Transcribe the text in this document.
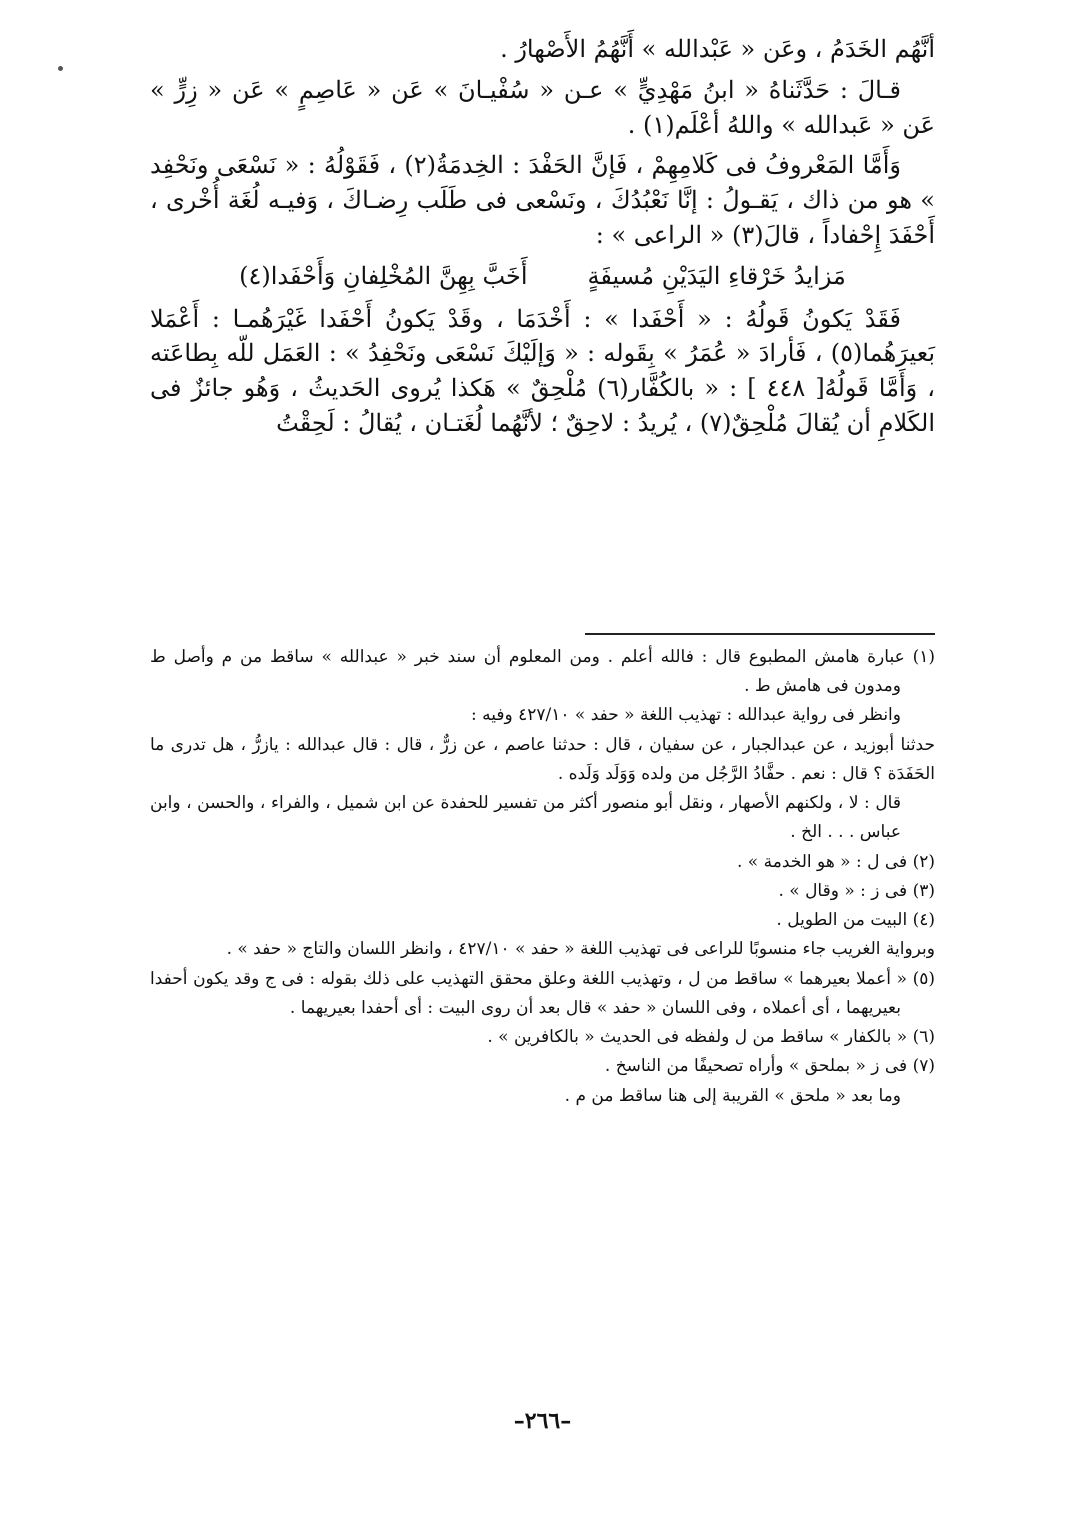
أنَّهُم الخَدَمُ ، وعَن « عَبْدالله » أَنَّهُمُ الأَصْهارُ .

قـالَ : حَدَّثَناهُ « ابنُ مَهْدِيٍّ » عـن « سُفْيـانَ » عَن « عَاصِمٍ » عَن « زِرٍّ » عَن « عَبدالله » واللهُ أعْلَم(١) .

وَأَمَّا المَعْروفُ فى كَلامِهِمْ ، فَإنَّ الحَفْدَ : الخِدمَةُ(٢) ، فَقَوْلُهُ : « نَسْعَى ونَحْفِد » هو من ذاك ، يَقـولُ : إنَّا نَعْبُدُكَ ، ونَسْعى فى طَلَب رِضـاكَ ، وَفيـه لُغَة أُخْرى ، أَحْفَدَ إِحْفاداً ، قالَ(٣) « الراعى » :

مَزايدُ خَرْقاءِ اليَدَيْنِ مُسيفَةٍ
أَخَبَّ بِهِنَّ المُخْلِفانِ وَأَحْفَدا(٤)

فَقَدْ يَكونُ قَولُهُ : « أَحْفَدا » : أَخْدَمَا ، وقَدْ يَكونُ أَحْفَدا غَيْرَهُمـا : أَعْمَلا بَعيرَهُما(٥) ، فَأرادَ « عُمَرُ » بِقَوله : « وَإلَيْكَ نَسْعَى ونَحْفِدُ » : العَمَل للّه بِطاعَته ، وَأَمَّا قَولُهُ[ ٤٤٨ ] : « بالكُفَّار(٦) مُلْحِقٌ » هَكذا يُروى الحَديثُ ، وَهُو جائزٌ فى الكَلامِ أن يُقالَ مُلْحِقٌ(٧) ، يُريدُ : لاحِقٌ ؛ لأنَّهُما لُغَتـان ، يُقالُ : لَحِقْتُ

(١) عبارة هامش المطبوع قال : فالله أعلم . ومن المعلوم أن سند خبر « عبدالله » ساقط من م وأصل ط ومدون فى هامش ط .

وانظر فى رواية عبدالله : تهذيب اللغة « حفد » ٤٢٧/١٠ وفيه :

حدثنا أبوزيد ، عن عبدالجبار ، عن سفيان ، قال : حدثنا عاصم ، عن زرٌّ ، قال : قال عبدالله : يازرُّ ، هل تدرى ما الحَفَدَة ؟ قال : نعم . حفَّادُ الرَّجُل من ولده وَوَلَد وَلَده .

قال : لا ، ولكنهم الأصهار ، ونقل أبو منصور أكثر من تفسير للحفدة عن ابن شميل ، والفراء ، والحسن ، وابن عباس . . . الخ .

(٢) فى ل : « هو الخدمة » .

(٣) فى ز : « وقال » .

(٤) البيت من الطويل .

وبرواية الغريب جاء منسوبًا للراعى فى تهذيب اللغة « حفد » ٤٢٧/١٠ ، وانظر اللسان والتاج « حفد » .

(٥) « أعملا بعيرهما » ساقط من ل ، وتهذيب اللغة وعلق محقق التهذيب على ذلك بقوله : فى ج وقد يكون أحفدا بعيريهما ، أى أعملاه ، وفى اللسان « حفد » قال بعد أن روى البيت : أى أحفدا بعيريهما .

(٦) « بالكفار » ساقط من ل ولفظه فى الحديث « بالكافرين » .

(٧) فى ز « بملحق » وأراه تصحيفًا من الناسخ .

وما بعد « ملحق » القريبة إلى هنا ساقط من م .

–٢٦٦–
